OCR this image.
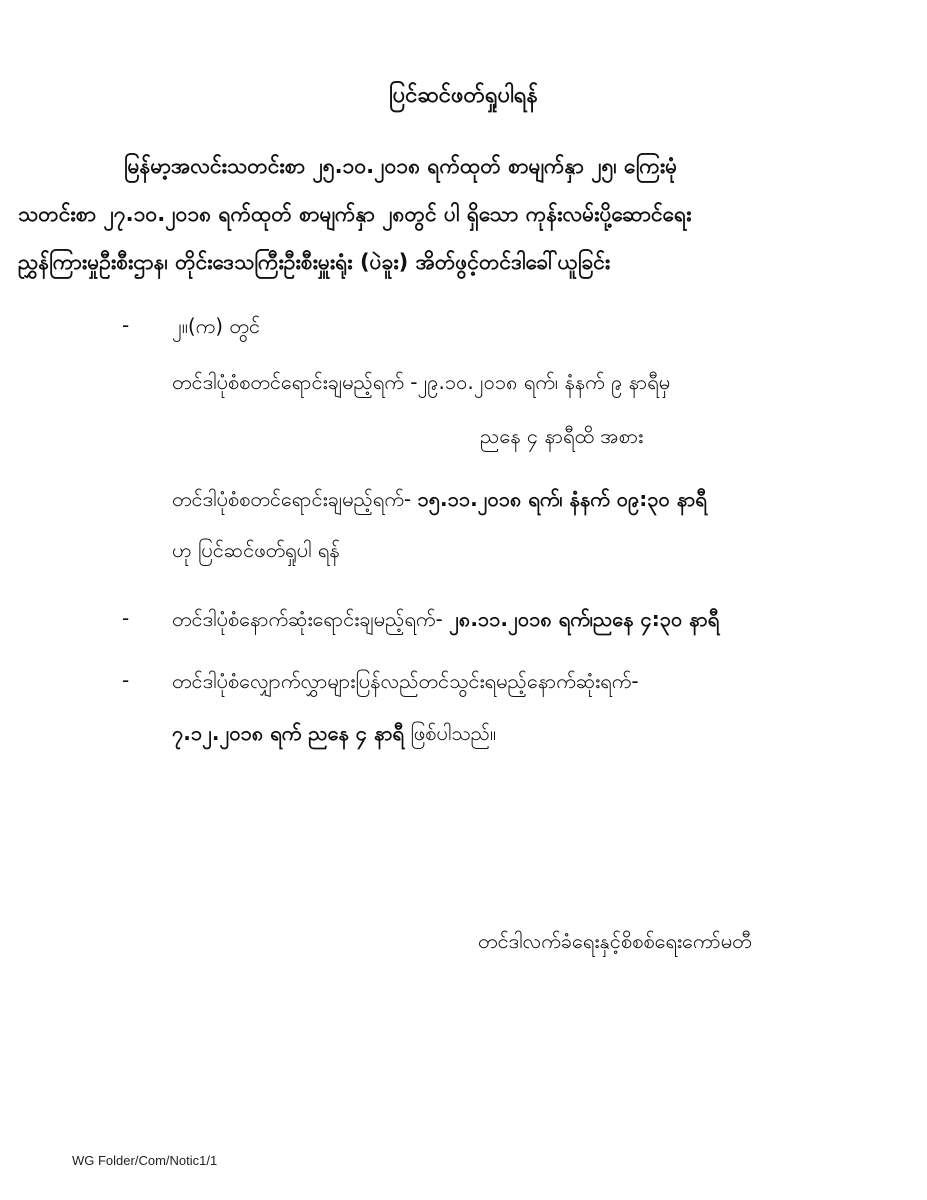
ပြင်ဆင်ဖတ်ရှုပါရန်
မြန်မာ့အလင်းသတင်းစာ ၂၅.၁၀.၂၀၁၈ ရက်ထုတ် စာမျက်နှာ ၂၅၊ ကြေးမုံ
သတင်းစာ ၂၇.၁၀.၂၀၁၈ ရက်ထုတ် စာမျက်နှာ ၂၈တွင် ပါ ရှိသော ကုန်းလမ်းပို့ဆောင်ရေး
ညွှန်ကြားမှုဦးစီးဌာန၊ တိုင်းဒေသကြီးဦးစီးမှူးရုံး (ပဲခူး) အိတ်ဖွင့်တင်ဒါခေါ်ယူခြင်း
- ၂။(က) တွင်
တင်ဒါပုံစံစတင်ရောင်းချမည့်ရက် -၂၉.၁၀.၂၀၁၈ ရက်၊ နံနက် ၉ နာရီမှ
ညနေ ၄ နာရီထိ အစား
တင်ဒါပုံစံစတင်ရောင်းချမည့်ရက်- ၁၅.၁၁.၂၀၁၈ ရက်၊ နံနက် ၀၉:၃၀ နာရီ
ဟု ပြင်ဆင်ဖတ်ရှုပါ ရန်
- တင်ဒါပုံစံနောက်ဆုံးရောင်းချမည့်ရက်- ၂၈.၁၁.၂၀၁၈ ရက်၊ညနေ ၄:၃၀ နာရီ
- တင်ဒါပုံစံလျှောက်လွှာများပြန်လည်တင်သွင်းရမည့်နောက်ဆုံးရက်-
၇.၁၂.၂၀၁၈ ရက် ညနေ ၄ နာရီ ဖြစ်ပါသည်။
တင်ဒါလက်ခံရေးနှင့်စိစစ်ရေးကော်မတီ
WG Folder/Com/Notic1/1
